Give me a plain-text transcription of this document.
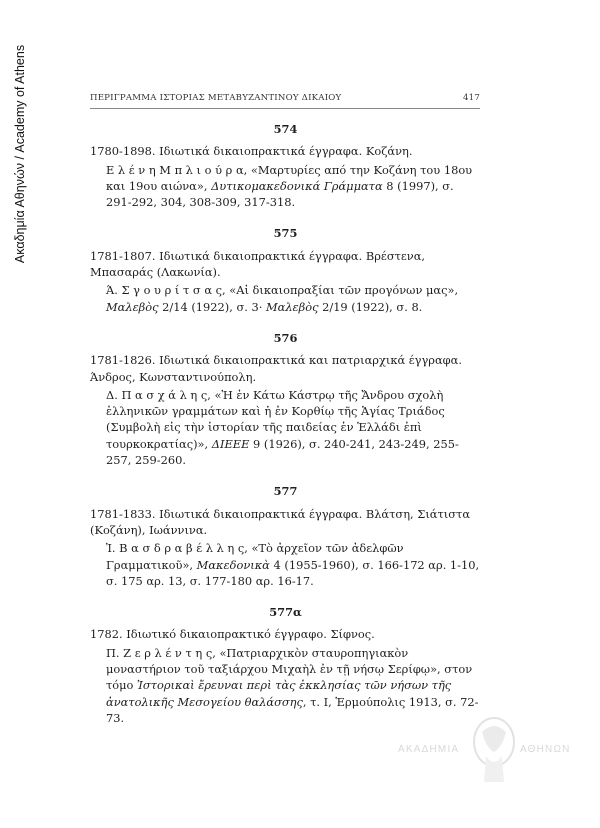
Ακαδημία Αθηνών / Academy of Athens	ΠΕΡΙΓΡΑΜΜΑ ΙΣΤΟΡΙΑΣ ΜΕΤΑΒΥΖΑΝΤΙΝΟΥ ΔΙΚΑΙΟΥ	417
574
1780-1898. Ιδιωτικά δικαιοπρακτικά έγγραφα. Κοζάνη.

Ε λ έ ν η Μ π λ ι ο ύ ρ α, «Μαρτυρίες από την Κοζάνη του 18ου και 19ου αιώνα», Δυτικομακεδονικά Γράμματα 8 (1997), σ. 291-292, 304, 308-309, 317-318.

575
1781-1807. Ιδιωτικά δικαιοπρακτικά έγγραφα. Βρέστενα, Μπασαράς (Λακωνία).

Ά. Σ γ ο υ ρ ί τ σ α ς, «Αἱ δικαιοπραξίαι τῶν προγόνων μας», Μαλεβὸς 2/14 (1922), σ. 3· Μαλεβὸς 2/19 (1922), σ. 8.

576
1781-1826. Ιδιωτικά δικαιοπρακτικά και πατριαρχικά έγγραφα. Άνδρος, Κωνσταντινούπολη.

Δ. Π α σ χ ά λ η ς, «Ἡ ἐν Κάτω Κάστρῳ τῆς Ἄνδρου σχολὴ ἑλληνικῶν γραμμάτων καὶ ἡ ἐν Κορθίῳ τῆς Ἁγίας Τριάδος (Συμβολὴ εἰς τὴν ἱστορίαν τῆς παιδείας ἐν Ἑλλάδι ἐπὶ τουρκοκρατίας)», ΔΙΕΕΕ 9 (1926), σ. 240-241, 243-249, 255-257, 259-260.

577
1781-1833. Ιδιωτικά δικαιοπρακτικά έγγραφα. Βλάτση, Σιάτιστα (Κοζάνη), Ιωάννινα.

Ἰ. Β α σ δ ρ α β έ λ λ η ς, «Τὸ ἀρχεῖον τῶν ἀδελφῶν Γραμματικοῦ», Μακεδονικὰ 4 (1955-1960), σ. 166-172 αρ. 1-10, σ. 175 αρ. 13, σ. 177-180 αρ. 16-17.

577α
1782. Ιδιωτικό δικαιοπρακτικό έγγραφο. Σίφνος.

Π. Ζ ε ρ λ έ ν τ η ς, «Πατριαρχικὸν σταυροπηγιακὸν μοναστήριον τοῦ ταξιάρχου Μιχαὴλ ἐν τῇ νήσῳ Σερίφῳ», στον τόμο Ἱστορικαὶ ἔρευναι περὶ τὰς ἐκκλησίας τῶν νήσων τῆς ἀνατολικῆς Μεσογείου θαλάσσης, τ. Ι, Ἑρμούπολις 1913, σ. 72-73.

ΑΚΑΔΗΜΙΑ	ΑΘΗΝΩΝ
